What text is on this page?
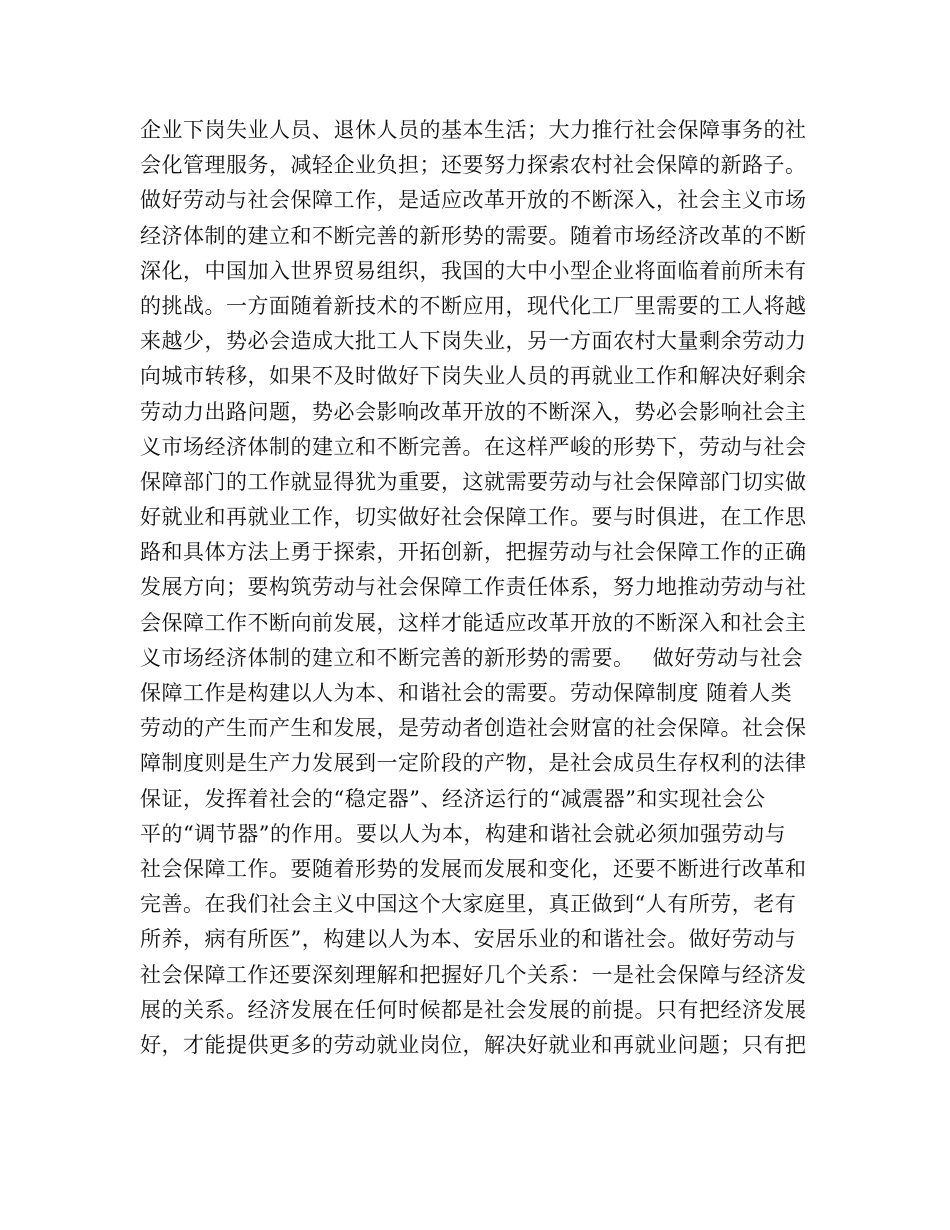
企业下岗失业人员、退休人员的基本生活；大力推行社会保障事务的社
会化管理服务，减轻企业负担；还要努力探索农村社会保障的新路子。
做好劳动与社会保障工作，是适应改革开放的不断深入，社会主义市场
经济体制的建立和不断完善的新形势的需要。随着市场经济改革的不断
深化，中国加入世界贸易组织，我国的大中小型企业将面临着前所未有
的挑战。一方面随着新技术的不断应用，现代化工厂里需要的工人将越
来越少，势必会造成大批工人下岗失业，另一方面农村大量剩余劳动力
向城市转移，如果不及时做好下岗失业人员的再就业工作和解决好剩余
劳动力出路问题，势必会影响改革开放的不断深入，势必会影响社会主
义市场经济体制的建立和不断完善。在这样严峻的形势下，劳动与社会
保障部门的工作就显得犹为重要，这就需要劳动与社会保障部门切实做
好就业和再就业工作，切实做好社会保障工作。要与时俱进，在工作思
路和具体方法上勇于探索，开拓创新，把握劳动与社会保障工作的正确
发展方向；要构筑劳动与社会保障工作责任体系，努力地推动劳动与社
会保障工作不断向前发展，这样才能适应改革开放的不断深入和社会主
义市场经济体制的建立和不断完善的新形势的需要。　 做好劳动与社会
保障工作是构建以人为本、和谐社会的需要。劳动保障制度 随着人类
劳动的产生而产生和发展，是劳动者创造社会财富的社会保障。社会保
障制度则是生产力发展到一定阶段的产物，是社会成员生存权利的法律
保证，发挥着社会的“稳定器”、经济运行的“减震器”和实现社会公
平的“调节器”的作用。要以人为本，构建和谐社会就必须加强劳动与
社会保障工作。要随着形势的发展而发展和变化，还要不断进行改革和
完善。在我们社会主义中国这个大家庭里，真正做到“人有所劳，老有
所养，病有所医”，构建以人为本、安居乐业的和谐社会。做好劳动与
社会保障工作还要深刻理解和把握好几个关系：一是社会保障与经济发
展的关系。经济发展在任何时候都是社会发展的前提。只有把经济发展
好，才能提供更多的劳动就业岗位，解决好就业和再就业问题；只有把
